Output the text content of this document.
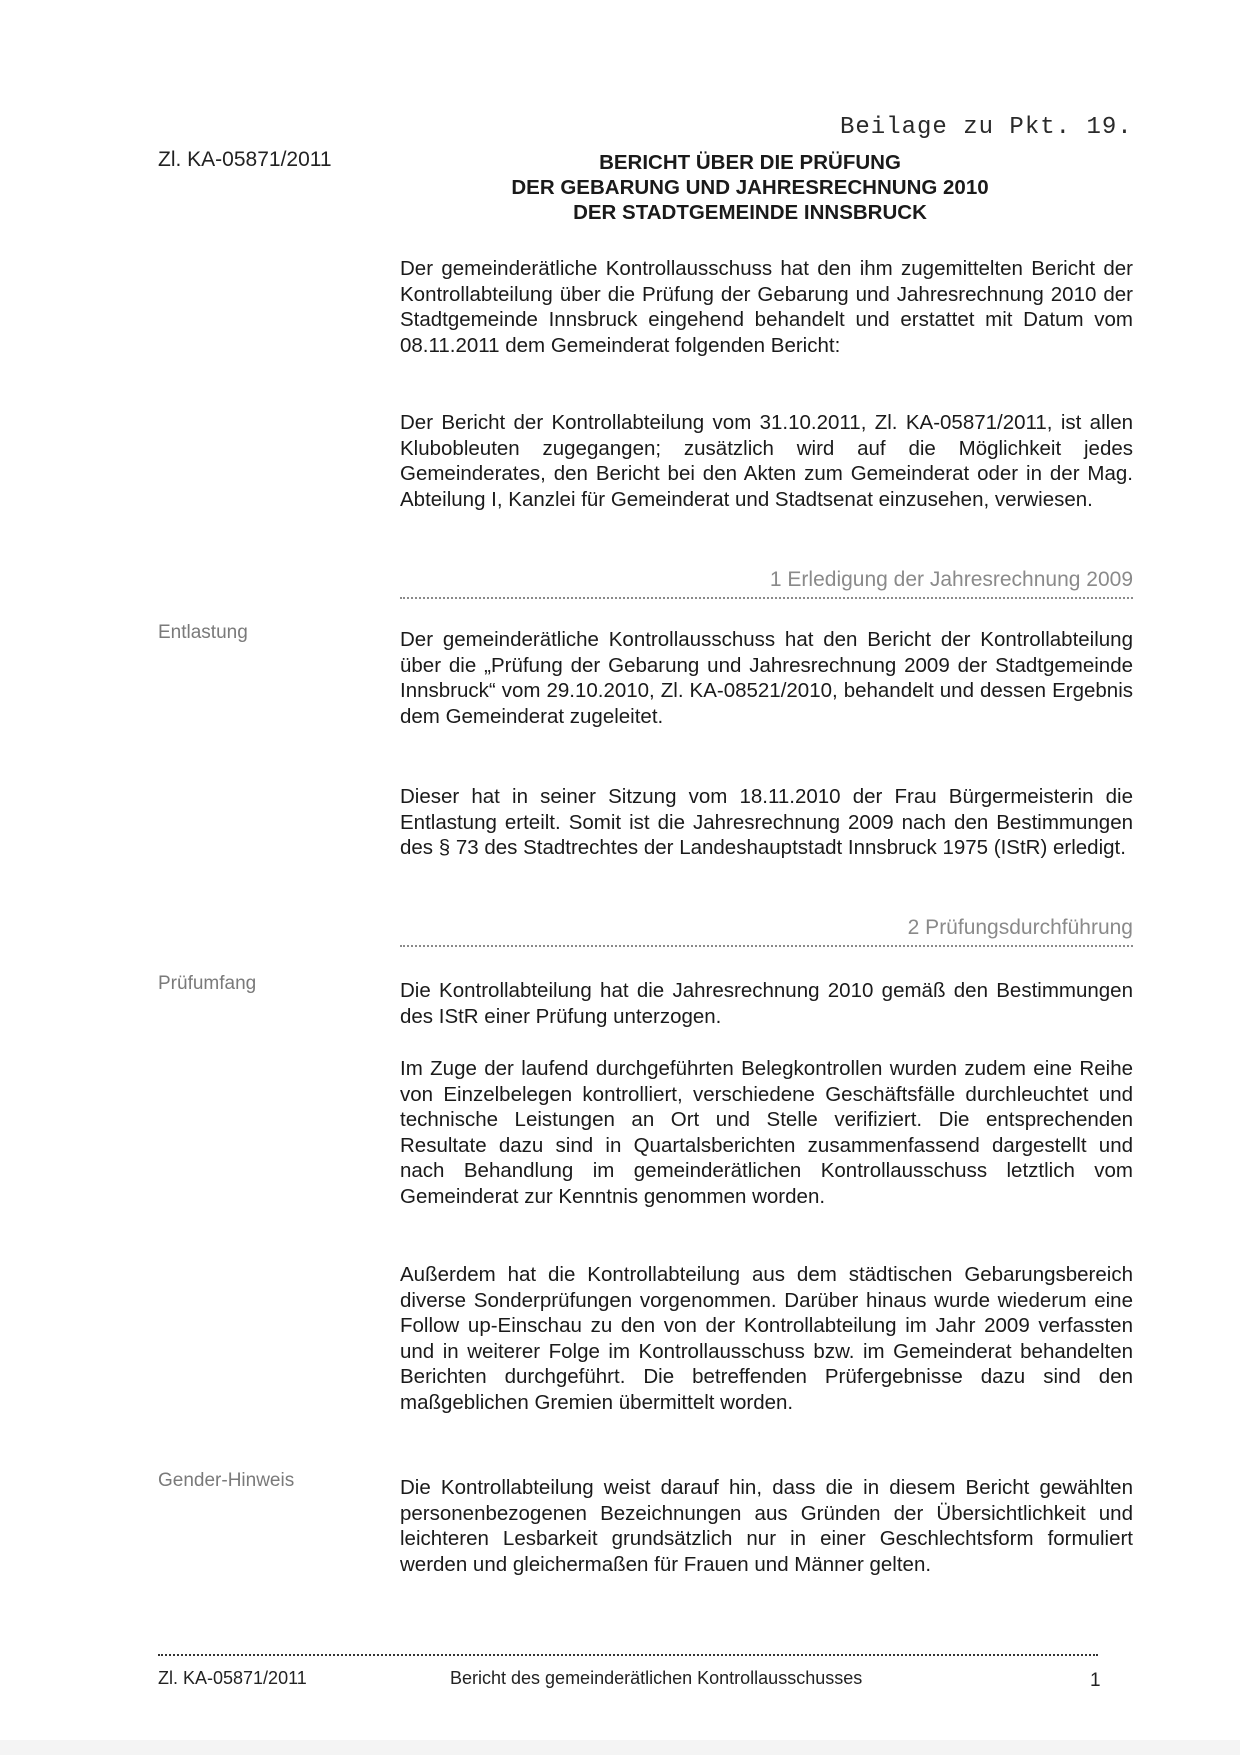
Beilage zu Pkt. 19.
Zl. KA-05871/2011	BERICHT ÜBER DIE PRÜFUNG
DER GEBARUNG UND JAHRESRECHNUNG 2010
DER STADTGEMEINDE INNSBRUCK
Der gemeinderätliche Kontrollausschuss hat den ihm zugemittelten Bericht der Kontrollabteilung über die Prüfung der Gebarung und Jahresrechnung 2010 der Stadtgemeinde Innsbruck eingehend behandelt und erstattet mit Datum vom 08.11.2011 dem Gemeinderat folgenden Bericht:
Der Bericht der Kontrollabteilung vom 31.10.2011, Zl. KA-05871/2011, ist allen Klubobleuten zugegangen; zusätzlich wird auf die Möglichkeit jedes Gemeinderates, den Bericht bei den Akten zum Gemeinderat oder in der Mag. Abteilung I, Kanzlei für Gemeinderat und Stadtsenat einzusehen, verwiesen.
1 Erledigung der Jahresrechnung 2009
Entlastung	Der gemeinderätliche Kontrollausschuss hat den Bericht der Kontrollabteilung über die „Prüfung der Gebarung und Jahresrechnung 2009 der Stadtgemeinde Innsbruck“ vom 29.10.2010, Zl. KA-08521/2010, behandelt und dessen Ergebnis dem Gemeinderat zugeleitet.
Dieser hat in seiner Sitzung vom 18.11.2010 der Frau Bürgermeisterin die Entlastung erteilt. Somit ist die Jahresrechnung 2009 nach den Bestimmungen des § 73 des Stadtrechtes der Landeshauptstadt Innsbruck 1975 (IStR) erledigt.
2 Prüfungsdurchführung
Prüfumfang	Die Kontrollabteilung hat die Jahresrechnung 2010 gemäß den Bestimmungen des IStR einer Prüfung unterzogen.
Im Zuge der laufend durchgeführten Belegkontrollen wurden zudem eine Reihe von Einzelbelegen kontrolliert, verschiedene Geschäftsfälle durchleuchtet und technische Leistungen an Ort und Stelle verifiziert. Die entsprechenden Resultate dazu sind in Quartalsberichten zusammenfassend dargestellt und nach Behandlung im gemeinderätlichen Kontrollausschuss letztlich vom Gemeinderat zur Kenntnis genommen worden.
Außerdem hat die Kontrollabteilung aus dem städtischen Gebarungsbereich diverse Sonderprüfungen vorgenommen. Darüber hinaus wurde wiederum eine Follow up-Einschau zu den von der Kontrollabteilung im Jahr 2009 verfassten und in weiterer Folge im Kontrollausschuss bzw. im Gemeinderat behandelten Berichten durchgeführt. Die betreffenden Prüfergebnisse dazu sind den maßgeblichen Gremien übermittelt worden.
Gender-Hinweis	Die Kontrollabteilung weist darauf hin, dass die in diesem Bericht gewählten personenbezogenen Bezeichnungen aus Gründen der Übersichtlichkeit und leichteren Lesbarkeit grundsätzlich nur in einer Geschlechtsform formuliert werden und gleichermaßen für Frauen und Männer gelten.
Zl. KA-05871/2011	Bericht des gemeinderätlichen Kontrollausschusses	1
